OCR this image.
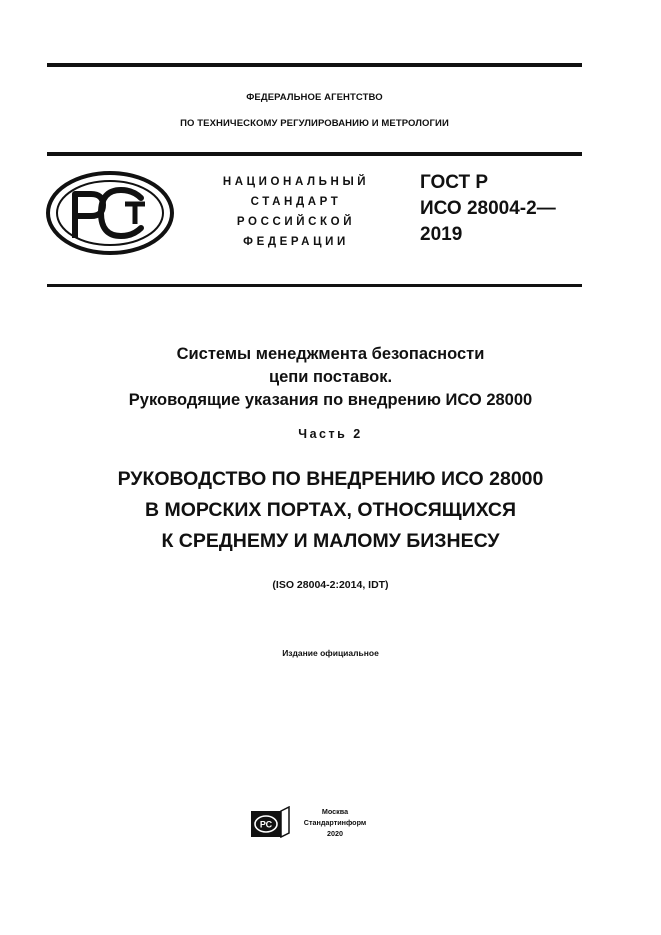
ФЕДЕРАЛЬНОЕ АГЕНТСТВО
ПО ТЕХНИЧЕСКОМУ РЕГУЛИРОВАНИЮ И МЕТРОЛОГИИ
НАЦИОНАЛЬНЫЙ
СТАНДАРТ
РОССИЙСКОЙ
ФЕДЕРАЦИИ
ГОСТ Р
ИСО 28004-2—
2019
Системы менеджмента безопасности
цепи поставок.
Руководящие указания по внедрению ИСО 28000
Часть 2
РУКОВОДСТВО ПО ВНЕДРЕНИЮ ИСО 28000
В МОРСКИХ ПОРТАХ, ОТНОСЯЩИХСЯ
К СРЕДНЕМУ И МАЛОМУ БИЗНЕСУ
(ISO 28004-2:2014, IDT)
Издание официальное
РС
Москва
Стандартинформ
2020
